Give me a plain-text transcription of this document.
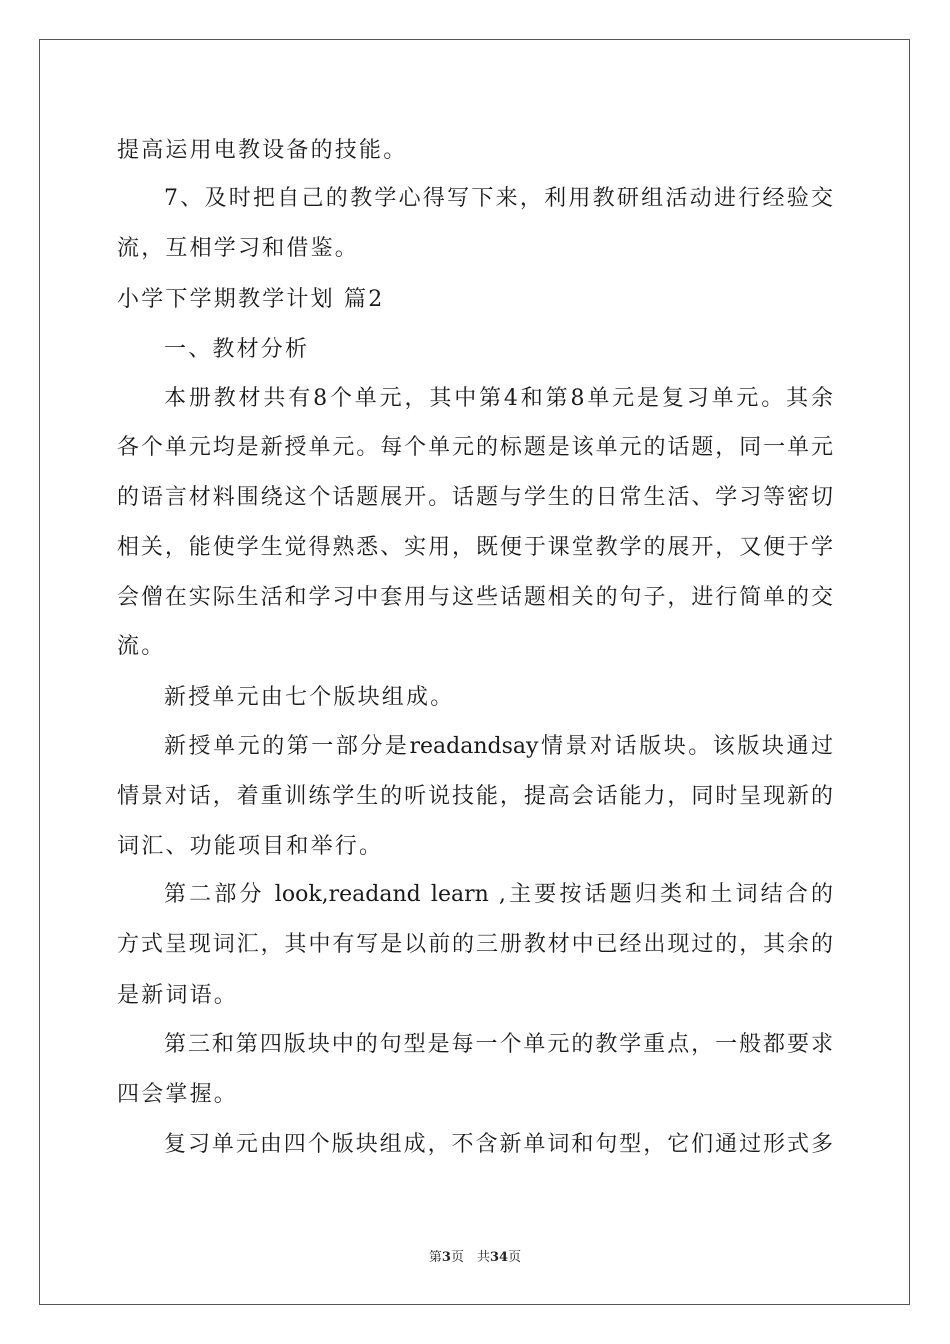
提高运用电教设备的技能。
7、及时把自己的教学心得写下来，利用教研组活动进行经验交
流，互相学习和借鉴。
小学下学期教学计划 篇2
一、教材分析
本册教材共有8个单元，其中第4和第8单元是复习单元。其余
各个单元均是新授单元。每个单元的标题是该单元的话题，同一单元
的语言材料围绕这个话题展开。话题与学生的日常生活、学习等密切
相关，能使学生觉得熟悉、实用，既便于课堂教学的展开，又便于学
会僧在实际生活和学习中套用与这些话题相关的句子，进行简单的交
流。
新授单元由七个版块组成。
新授单元的第一部分是readandsay情景对话版块。该版块通过
情景对话，着重训练学生的听说技能，提高会话能力，同时呈现新的
词汇、功能项目和举行。
第二部分 look,readand learn ,主要按话题归类和土词结合的
方式呈现词汇，其中有写是以前的三册教材中已经出现过的，其余的
是新词语。
第三和第四版块中的句型是每一个单元的教学重点，一般都要求
四会掌握。
复习单元由四个版块组成，不含新单词和句型，它们通过形式多
第3页　共34页
